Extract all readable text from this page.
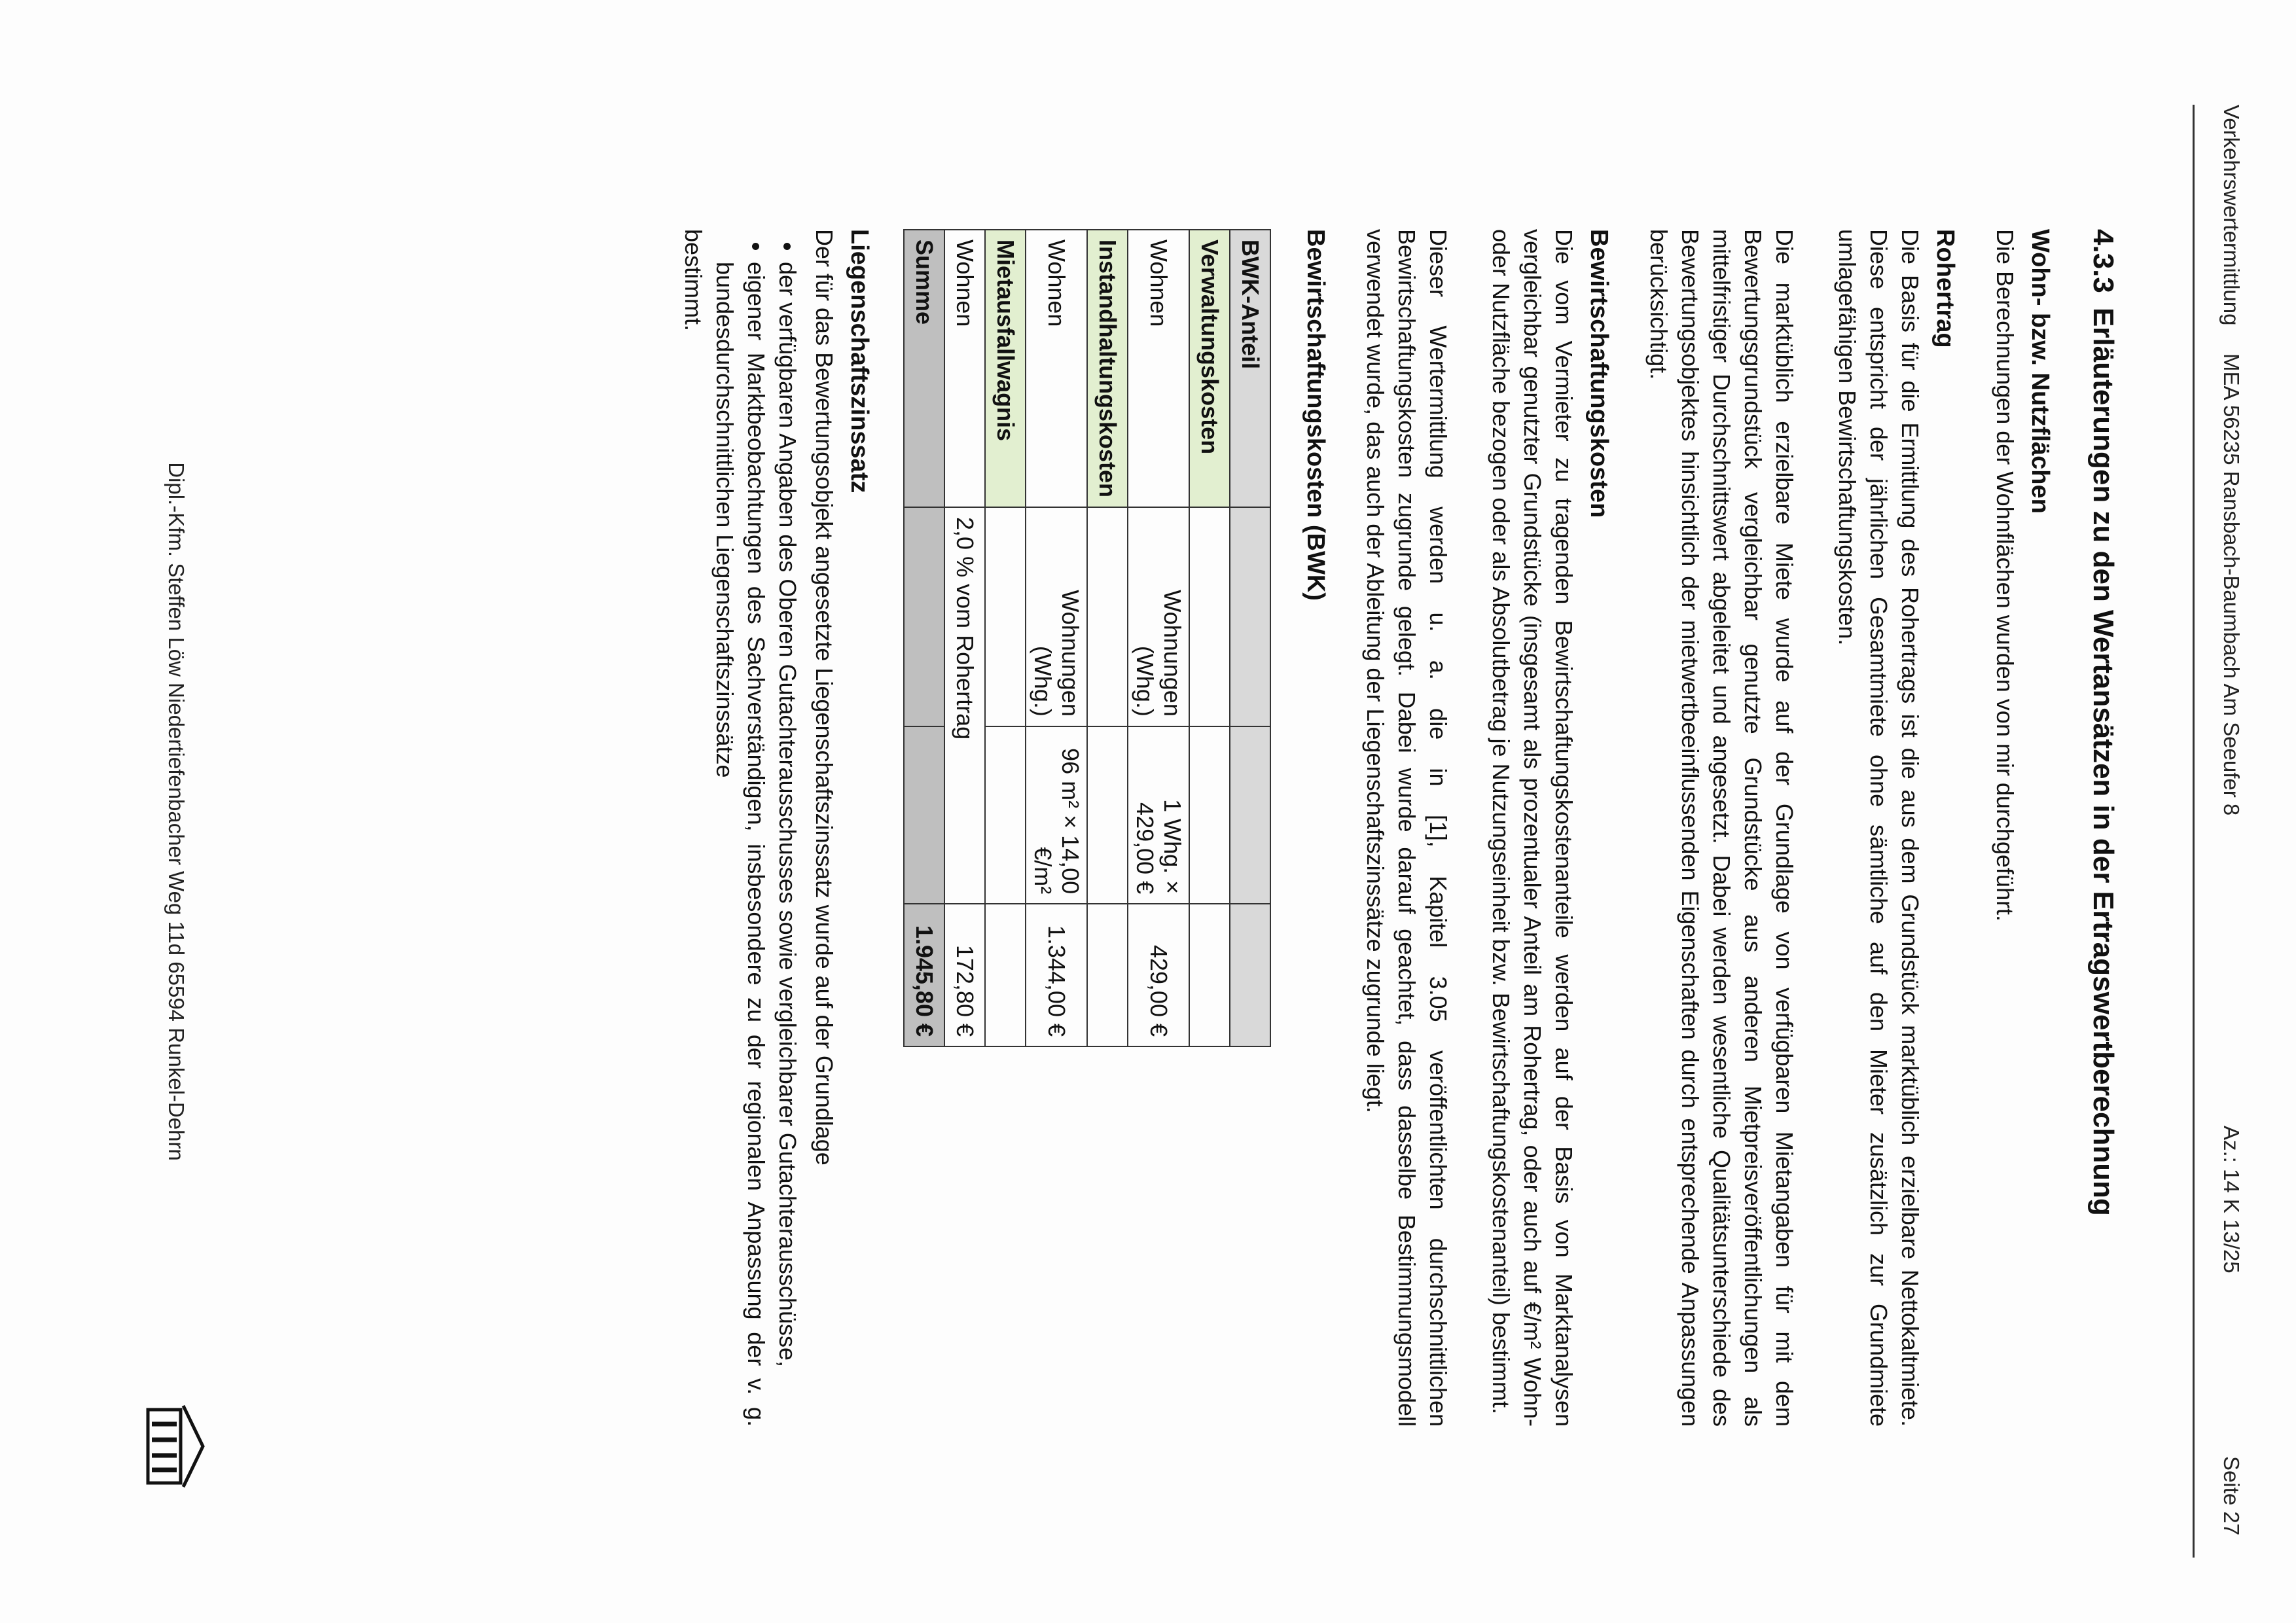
Verkehrswertermittlung
MEA 56235 Ransbach-Baumbach Am Seeufer 8
Az.: 14 K 13/25
Seite 27
4.3.3Erläuterungen zu den Wertansätzen in der Ertragswertberechnung
Wohn- bzw. Nutzflächen

Die Berechnungen der Wohnflächen wurden von mir durchgeführt.

Rohertrag

Die Basis für die Ermittlung des Rohertrags ist die aus dem Grundstück marktüblich erzielbare Nettokaltmiete. Diese entspricht der jährlichen Gesamtmiete ohne sämtliche auf den Mieter zusätzlich zur Grundmiete umlagefähigen Bewirtschaftungskosten.

Die marktüblich erzielbare Miete wurde auf der Grundlage von verfügbaren Mietangaben für mit dem Bewertungsgrundstück vergleichbar genutzte Grundstücke aus anderen Mietpreisveröffentlichungen als mittelfristiger Durchschnittswert abgeleitet und angesetzt. Dabei werden wesentliche Qualitätsunterschiede des Bewertungsobjektes hinsichtlich der mietwertbeeinflussenden Eigenschaften durch entsprechende Anpassungen berücksichtigt.

Bewirtschaftungskosten

Die vom Vermieter zu tragenden Bewirtschaftungskostenanteile werden auf der Basis von Marktanalysen vergleichbar genutzter Grundstücke (insgesamt als prozentualer Anteil am Rohertrag, oder auch auf €/m² Wohn- oder Nutzfläche bezogen oder als Absolutbetrag je Nutzungseinheit bzw. Bewirtschaftungskostenanteil) bestimmt.

Dieser Wertermittlung werden u. a. die in [1], Kapitel 3.05 veröffentlichten durchschnittlichen Bewirtschaftungskosten zugrunde gelegt. Dabei wurde darauf geachtet, dass dasselbe Bestimmungsmodell verwendet wurde, das auch der Ableitung der Liegenschaftszinssätze zugrunde liegt.

Bewirtschaftungskosten (BWK)
BWK-Anteil			
Verwaltungskosten			
Wohnen	Wohnungen (Whg.)	1 Whg. × 429,00 €	429,00 €
Instandhaltungskosten			
Wohnen	Wohnungen (Whg.)	96 m² × 14,00 €/m²	1.344,00 €
Mietausfallwagnis			
Wohnen	2,0 % vom Rohertrag		172,80 €
Summe			1.945,80 €
Liegenschaftszinssatz

Der für das Bewertungsobjekt angesetzte Liegenschaftszinssatz wurde auf der Grundlage

• der verfügbaren Angaben des Oberen Gutachterausschusses sowie vergleichbarer Gutachterausschüsse,
• eigener Marktbeobachtungen des Sachverständigen, insbesondere zu der regionalen Anpassung der v. g. bundesdurchschnittlichen Liegenschaftszinssätze
bestimmt.
Dipl.-Kfm. Steffen Löw Niedertiefenbacher Weg 11d 65594 Runkel-Dehrn
